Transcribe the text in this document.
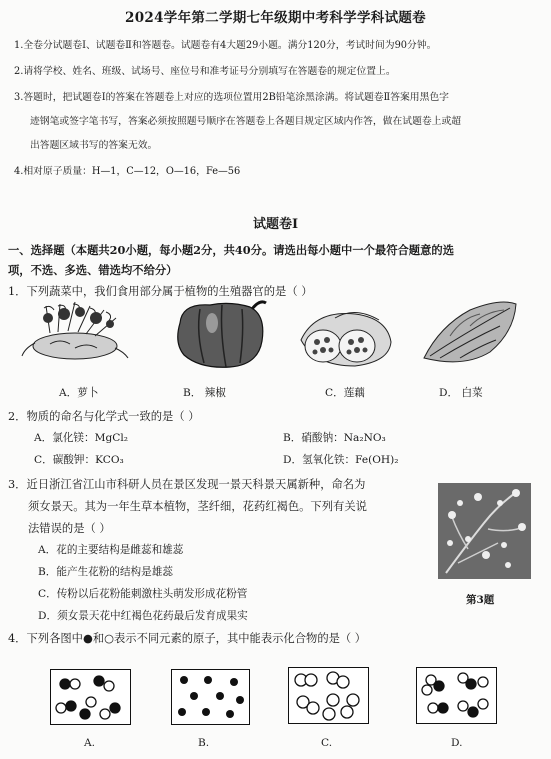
2024学年第二学期七年级期中考科学学科试题卷
1.全卷分试题卷Ⅰ、试题卷Ⅱ和答题卷。试题卷有4大题29小题。满分120分，考试时间为90分钟。
2.请将学校、姓名、班级、试场号、座位号和准考证号分别填写在答题卷的规定位置上。
3.答题时，把试题卷Ⅰ的答案在答题卷上对应的选项位置用2B铅笔涂黑涂满。将试题卷Ⅱ答案用黑色字
迹钢笔或签字笔书写，答案必须按照题号顺序在答题卷上各题目规定区域内作答，做在试题卷上或超
出答题区域书写的答案无效。
4.相对原子质量：H—1，C—12，O—16，Fe—56
试题卷Ⅰ
一、选择题（本题共20小题，每小题2分，共40分。请选出每小题中一个最符合题意的选
项，不选、多选、错选均不给分）
1．下列蔬菜中，我们食用部分属于植物的生殖器官的是（ ）
A．萝卜	B． 辣椒	C．莲藕	D． 白菜
2．物质的命名与化学式一致的是（ ）
A．氯化镁：MgCl₂	B．硝酸钠：Na₂NO₃
C．碳酸钾：KCO₃	D．氢氧化铁：Fe(OH)₂
3．近日浙江省江山市科研人员在景区发现一景天科景天属新种，命名为
须女景天。其为一年生草本植物，茎纤细，花药红褐色。下列有关说
法错误的是（ ）
A．花的主要结构是雌蕊和雄蕊
B．能产生花粉的结构是雄蕊
C．传粉以后花粉能刺激柱头萌发形成花粉管
D．须女景天花中红褐色花药最后发育成果实
第3题
4．下列各图中●和○表示不同元素的原子，其中能表示化合物的是（ ）
A.	B.	C.	D.
